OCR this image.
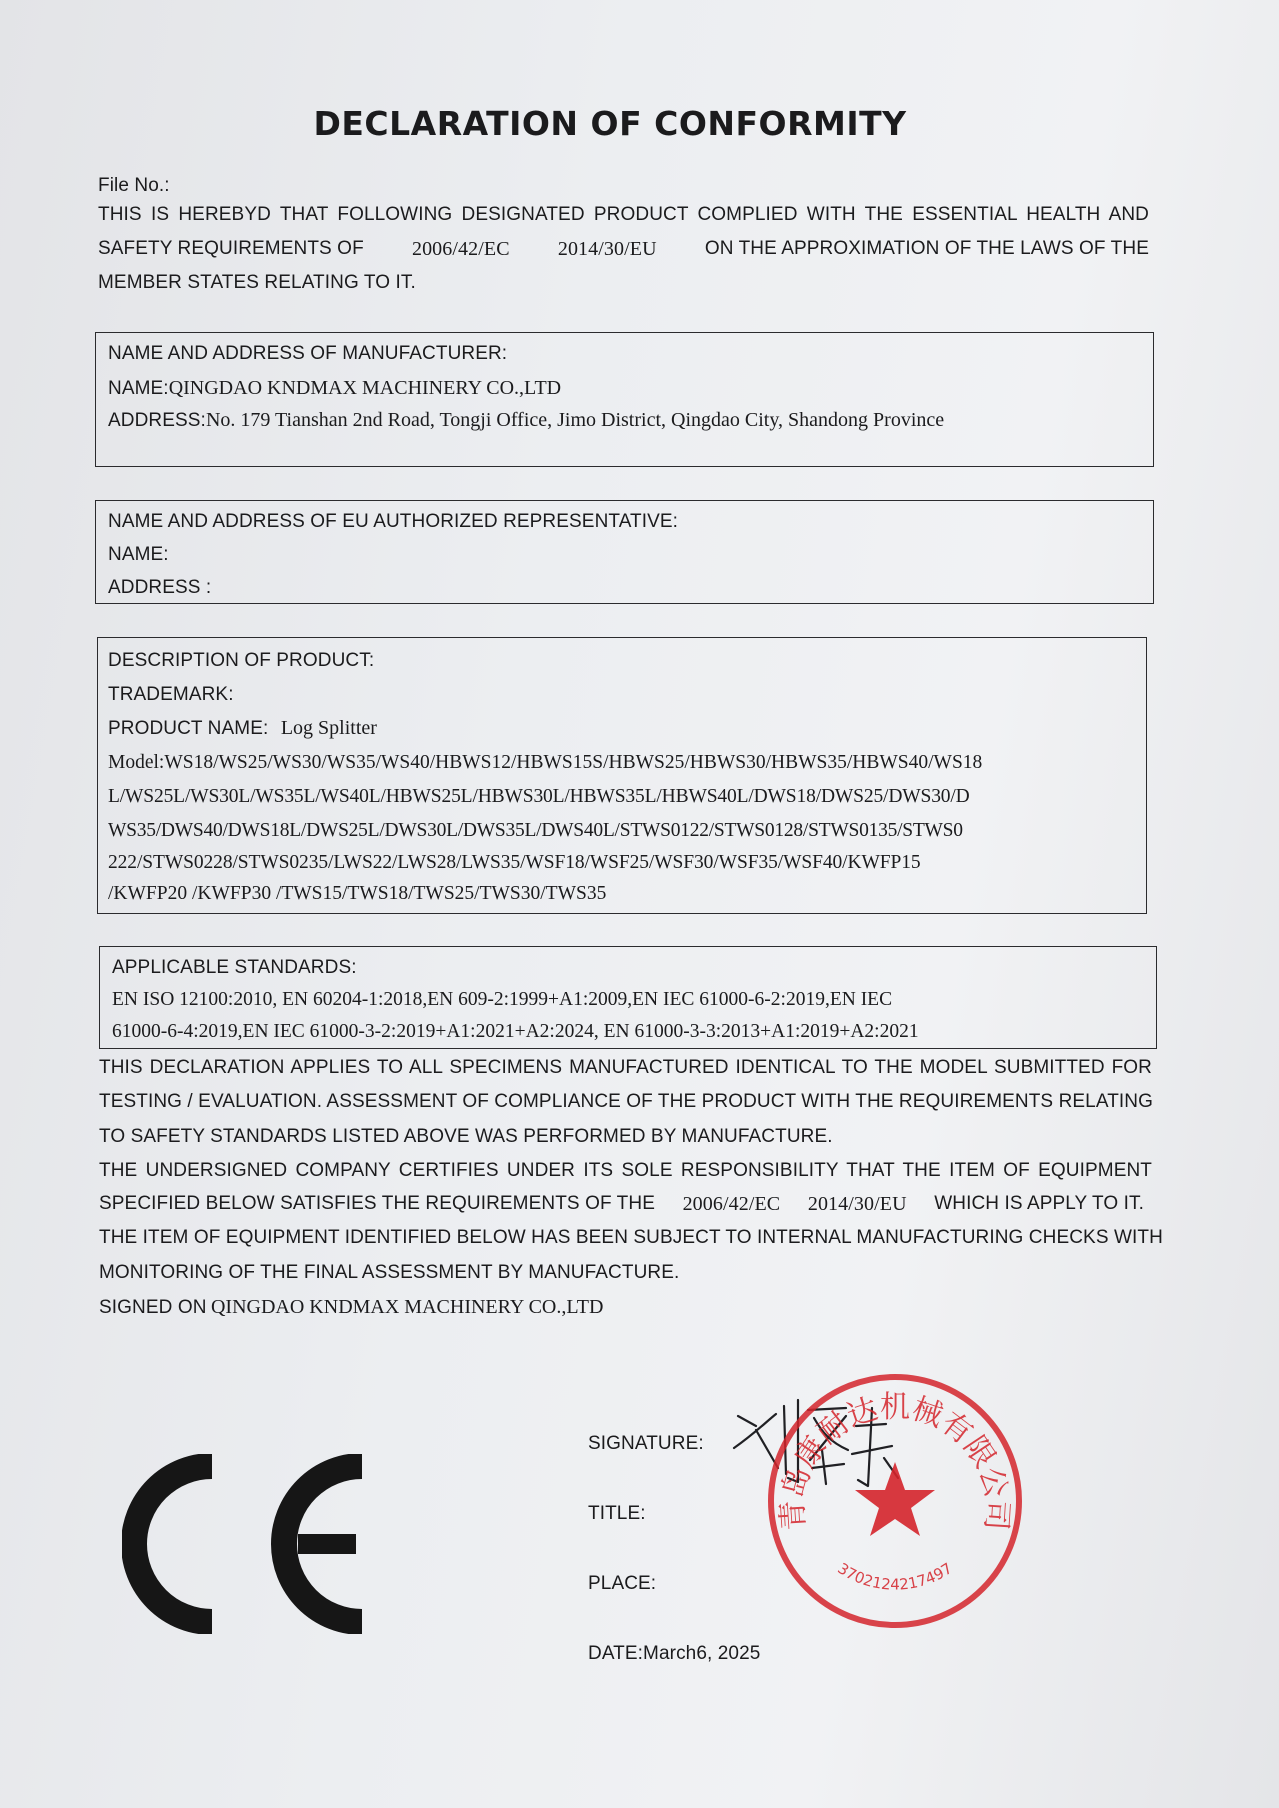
DECLARATION OF CONFORMITY
File No.:
THIS IS HEREBYD THAT FOLLOWING DESIGNATED PRODUCT COMPLIED WITH THE ESSENTIAL HEALTH AND
SAFETY REQUIREMENTS OF 2006/42/EC 2014/30/EU	ON THE APPROXIMATION OF THE LAWS OF THE
MEMBER STATES RELATING TO IT.
NAME AND ADDRESS OF MANUFACTURER:
NAME:QINGDAO KNDMAX MACHINERY CO.,LTD
ADDRESS:No. 179 Tianshan 2nd Road, Tongji Office, Jimo District, Qingdao City, Shandong Province
NAME AND ADDRESS OF EU AUTHORIZED REPRESENTATIVE:
NAME:
ADDRESS :
DESCRIPTION OF PRODUCT:
TRADEMARK:
PRODUCT NAME: Log Splitter
Model:WS18/WS25/WS30/WS35/WS40/HBWS12/HBWS15S/HBWS25/HBWS30/HBWS35/HBWS40/WS18
L/WS25L/WS30L/WS35L/WS40L/HBWS25L/HBWS30L/HBWS35L/HBWS40L/DWS18/DWS25/DWS30/D
WS35/DWS40/DWS18L/DWS25L/DWS30L/DWS35L/DWS40L/STWS0122/STWS0128/STWS0135/STWS0
222/STWS0228/STWS0235/LWS22/LWS28/LWS35/WSF18/WSF25/WSF30/WSF35/WSF40/KWFP15
/KWFP20 /KWFP30 /TWS15/TWS18/TWS25/TWS30/TWS35
APPLICABLE STANDARDS:
EN ISO 12100:2010, EN 60204-1:2018,EN 609-2:1999+A1:2009,EN IEC 61000-6-2:2019,EN IEC
61000-6-4:2019,EN IEC 61000-3-2:2019+A1:2021+A2:2024, EN 61000-3-3:2013+A1:2019+A2:2021
THIS DECLARATION APPLIES TO ALL SPECIMENS MANUFACTURED IDENTICAL TO THE MODEL SUBMITTED FOR
TESTING / EVALUATION. ASSESSMENT OF COMPLIANCE OF THE PRODUCT WITH THE REQUIREMENTS RELATING
TO SAFETY STANDARDS LISTED ABOVE WAS PERFORMED BY MANUFACTURE.
THE UNDERSIGNED COMPANY CERTIFIES UNDER ITS SOLE RESPONSIBILITY THAT THE ITEM OF EQUIPMENT
SPECIFIED BELOW SATISFIES THE REQUIREMENTS OF THE 2006/42/EC 2014/30/EU WHICH IS APPLY TO IT.
THE ITEM OF EQUIPMENT IDENTIFIED BELOW HAS BEEN SUBJECT TO INTERNAL MANUFACTURING CHECKS WITH
MONITORING OF THE FINAL ASSESSMENT BY MANUFACTURE.
SIGNED ON QINGDAO KNDMAX MACHINERY CO.,LTD
SIGNATURE:
TITLE:
PLACE:
DATE:March6, 2025
青岛康耐达机械有限公司
3702124217497
